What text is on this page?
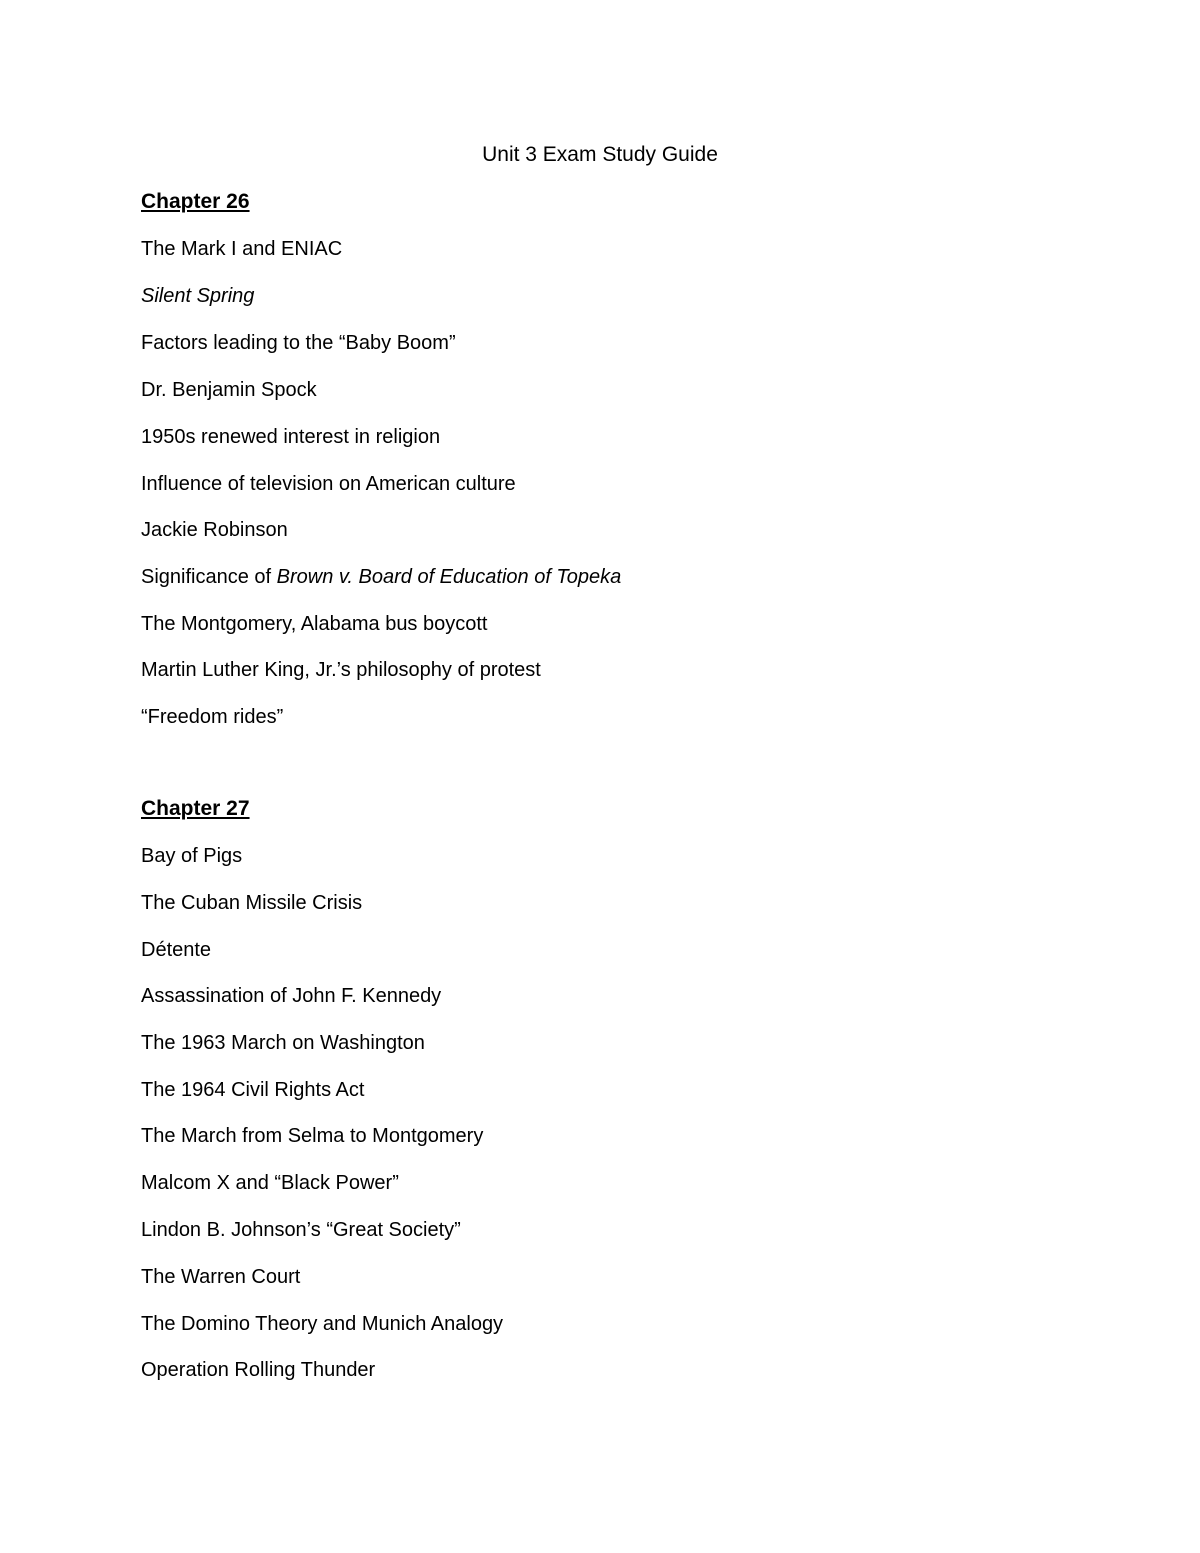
Unit 3 Exam Study Guide
Chapter 26
The Mark I and ENIAC
Silent Spring
Factors leading to the “Baby Boom”
Dr. Benjamin Spock
1950s renewed interest in religion
Influence of television on American culture
Jackie Robinson
Significance of Brown v. Board of Education of Topeka
The Montgomery, Alabama bus boycott
Martin Luther King, Jr.’s philosophy of protest
“Freedom rides”
Chapter 27
Bay of Pigs
The Cuban Missile Crisis
Détente
Assassination of John F. Kennedy
The 1963 March on Washington
The 1964 Civil Rights Act
The March from Selma to Montgomery
Malcom X and “Black Power”
Lindon B. Johnson’s “Great Society”
The Warren Court
The Domino Theory and Munich Analogy
Operation Rolling Thunder
